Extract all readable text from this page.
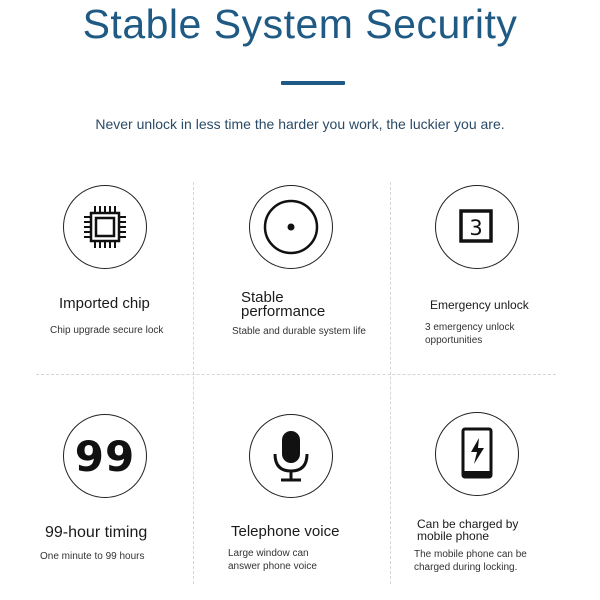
Stable System Security
Never unlock in less time the harder you work, the luckier you are.
Imported chip
Chip upgrade secure lock
Stable
performance
Stable and durable system life
3
Emergency unlock
3 emergency unlock
opportunities
99
99-hour timing
One minute to 99 hours
Telephone voice
Large window can
answer phone voice
Can be charged by
mobile phone
The mobile phone can be
charged during locking.
